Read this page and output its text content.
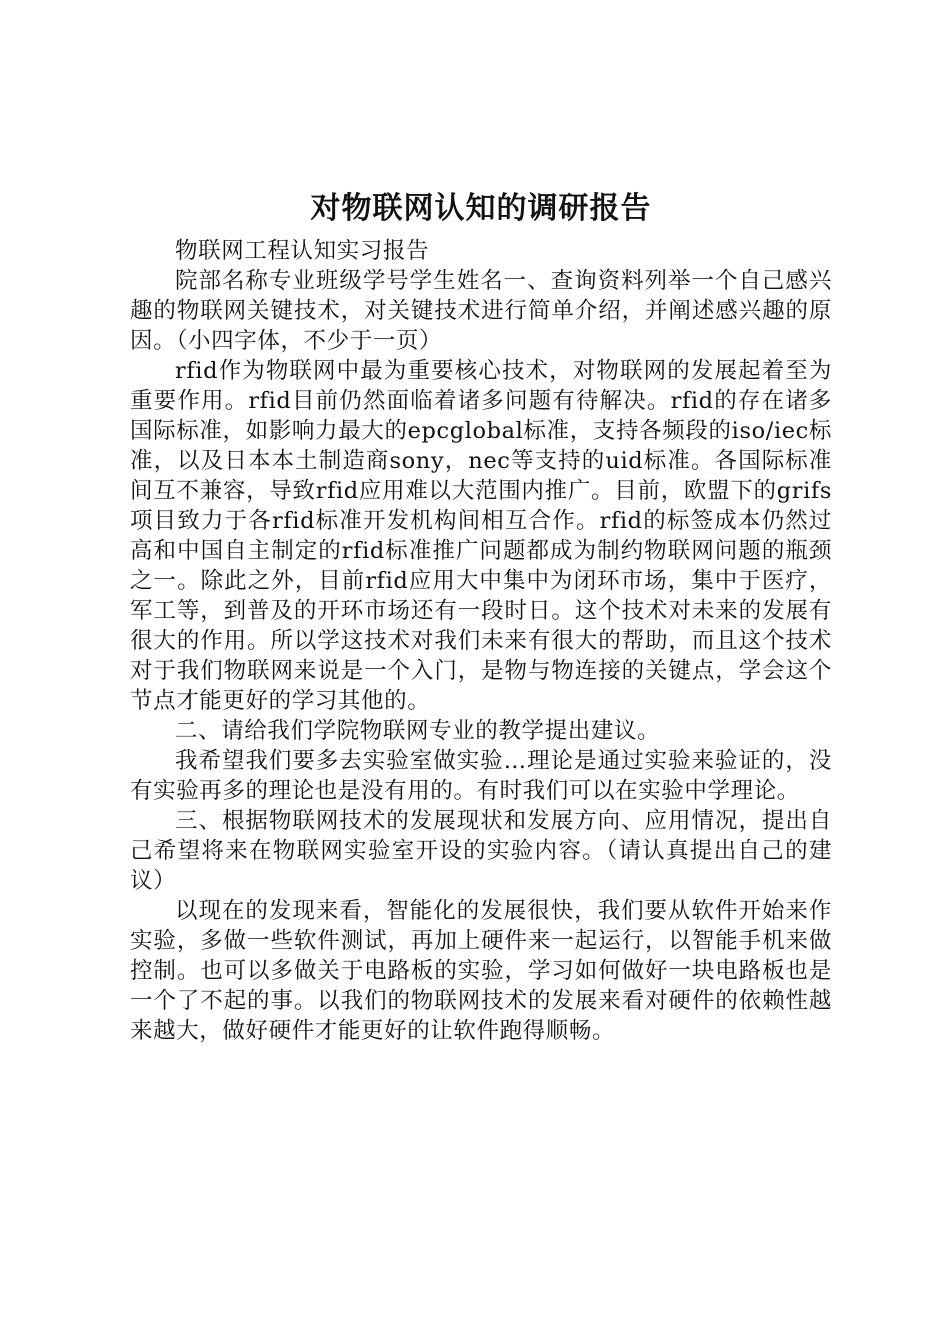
对物联网认知的调研报告

物联网工程认知实习报告

院部名称专业班级学号学生姓名一、查询资料列举一个自己感兴趣的物联网关键技术，对关键技术进行简单介绍，并阐述感兴趣的原因。（小四字体，不少于一页）

rfid作为物联网中最为重要核心技术，对物联网的发展起着至为重要作用。rfid目前仍然面临着诸多问题有待解决。rfid的存在诸多国际标准，如影响力最大的epcglobal标准，支持各频段的iso/iec标准，以及日本本土制造商sony，nec等支持的uid标准。各国际标准间互不兼容，导致rfid应用难以大范围内推广。目前，欧盟下的grifs项目致力于各rfid标准开发机构间相互合作。rfid的标签成本仍然过高和中国自主制定的rfid标准推广问题都成为制约物联网问题的瓶颈之一。除此之外，目前rfid应用大中集中为闭环市场，集中于医疗，军工等，到普及的开环市场还有一段时日。这个技术对未来的发展有很大的作用。所以学这技术对我们未来有很大的帮助，而且这个技术对于我们物联网来说是一个入门，是物与物连接的关键点，学会这个节点才能更好的学习其他的。

二、请给我们学院物联网专业的教学提出建议。

我希望我们要多去实验室做实验…理论是通过实验来验证的，没有实验再多的理论也是没有用的。有时我们可以在实验中学理论。

三、根据物联网技术的发展现状和发展方向、应用情况，提出自己希望将来在物联网实验室开设的实验内容。（请认真提出自己的建议）

以现在的发现来看，智能化的发展很快，我们要从软件开始来作实验，多做一些软件测试，再加上硬件来一起运行，以智能手机来做控制。也可以多做关于电路板的实验，学习如何做好一块电路板也是一个了不起的事。以我们的物联网技术的发展来看对硬件的依赖性越来越大，做好硬件才能更好的让软件跑得顺畅。
